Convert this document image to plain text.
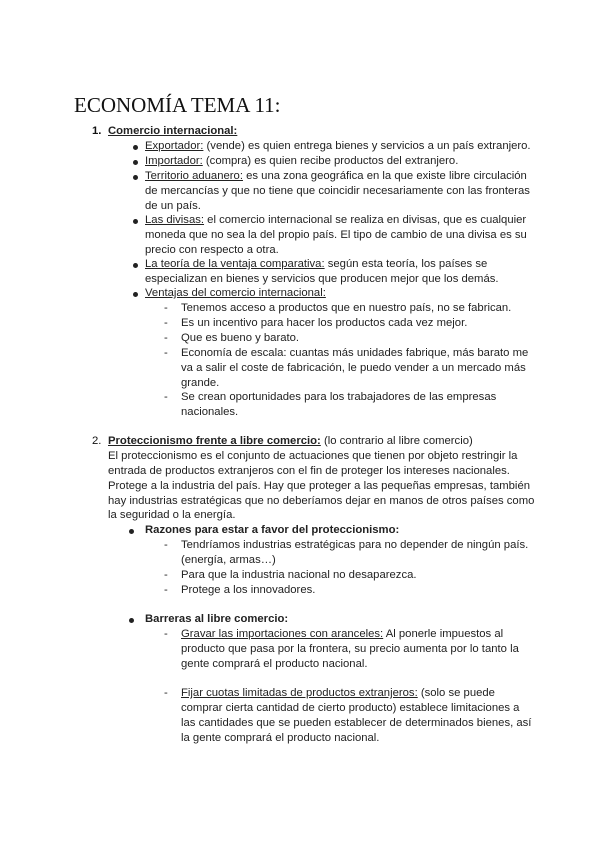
ECONOMÍA TEMA 11:
1. Comercio internacional:
Exportador: (vende) es quien entrega bienes y servicios a un país extranjero.
Importador: (compra) es quien recibe productos del extranjero.
Territorio aduanero: es una zona geográfica en la que existe libre circulación
de mercancías y que no tiene que coincidir necesariamente con las fronteras
de un país.
Las divisas: el comercio internacional se realiza en divisas, que es cualquier
moneda que no sea la del propio país. El tipo de cambio de una divisa es su
precio con respecto a otra.
La teoría de la ventaja comparativa: según esta teoría, los países se
especializan en bienes y servicios que producen mejor que los demás.
Ventajas del comercio internacional:
- Tenemos acceso a productos que en nuestro país, no se fabrican.
- Es un incentivo para hacer los productos cada vez mejor.
- Que es bueno y barato.
- Economía de escala: cuantas más unidades fabrique, más barato me
va a salir el coste de fabricación, le puedo vender a un mercado más
grande.
- Se crean oportunidades para los trabajadores de las empresas
nacionales.
2. Proteccionismo frente a libre comercio: (lo contrario al libre comercio)
El proteccionismo es el conjunto de actuaciones que tienen por objeto restringir la
entrada de productos extranjeros con el fin de proteger los intereses nacionales.
Protege a la industria del país. Hay que proteger a las pequeñas empresas, también
hay industrias estratégicas que no deberíamos dejar en manos de otros países como
la seguridad o la energía.
Razones para estar a favor del proteccionismo:
- Tendríamos industrias estratégicas para no depender de ningún país.
(energía, armas…)
- Para que la industria nacional no desaparezca.
- Protege a los innovadores.
Barreras al libre comercio:
- Gravar las importaciones con aranceles: Al ponerle impuestos al
producto que pasa por la frontera, su precio aumenta por lo tanto la
gente comprará el producto nacional.
- Fijar cuotas limitadas de productos extranjeros: (solo se puede
comprar cierta cantidad de cierto producto) establece limitaciones a
las cantidades que se pueden establecer de determinados bienes, así
la gente comprará el producto nacional.
